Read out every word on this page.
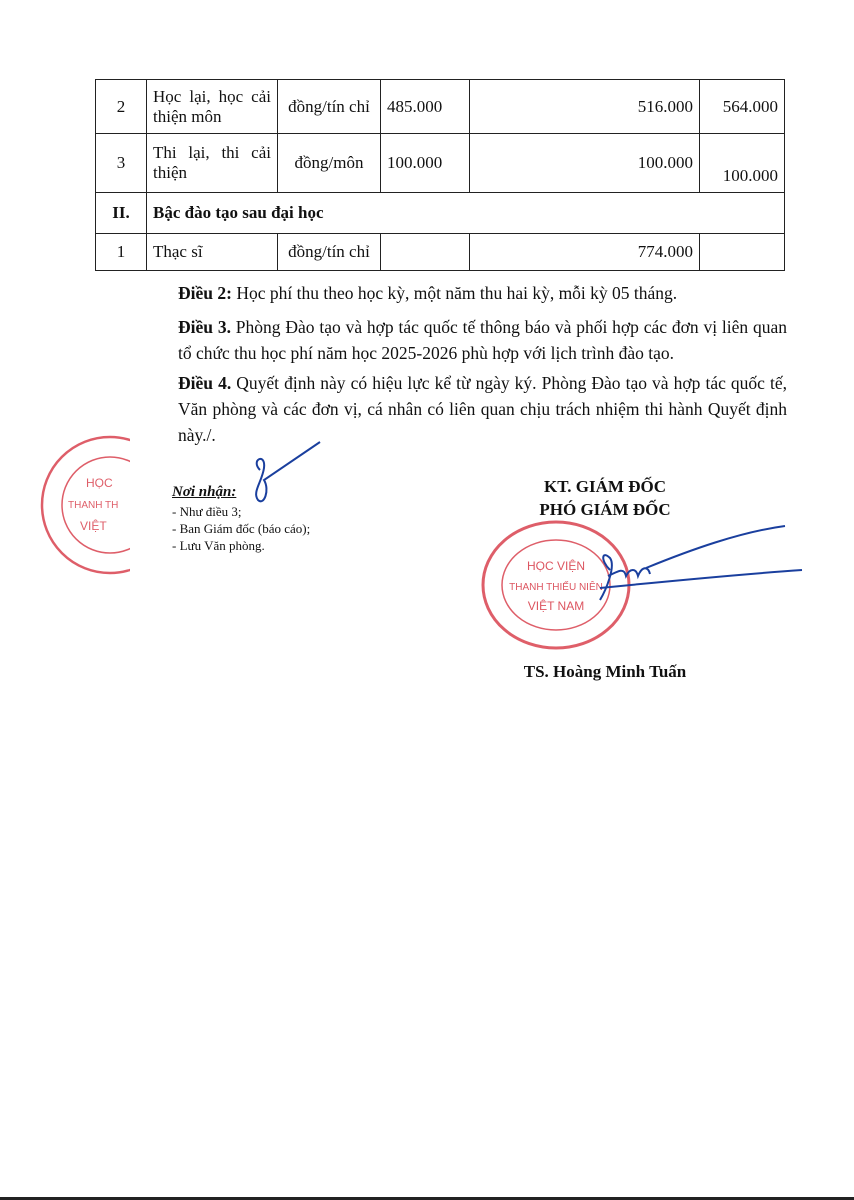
2	Học lại, học cải thiện môn	đồng/tín chỉ	485.000	516.000	564.000
3	Thi lại, thi cải thiện	đồng/môn	100.000	100.000	100.000
II.	Bậc đào tạo sau đại học				
1	Thạc sĩ	đồng/tín chỉ		774.000	
Điều 2: Học phí thu theo học kỳ, một năm thu hai kỳ, mỗi kỳ 05 tháng.
Điều 3. Phòng Đào tạo và hợp tác quốc tế thông báo và phối hợp các đơn vị liên quan tổ chức thu học phí năm học 2025-2026 phù hợp với lịch trình đào tạo.
Điều 4. Quyết định này có hiệu lực kể từ ngày ký. Phòng Đào tạo và hợp tác quốc tế, Văn phòng và các đơn vị, cá nhân có liên quan chịu trách nhiệm thi hành Quyết định này./.
HỌC
THANH TH
VIỆT
Nơi nhận:
- Như điều 3;
- Ban Giám đốc (báo cáo);
- Lưu Văn phòng.
KT. GIÁM ĐỐC
PHÓ GIÁM ĐỐC
HỌC VIỆN
THANH THIẾU NIÊN
VIỆT NAM
TS. Hoàng Minh Tuấn
